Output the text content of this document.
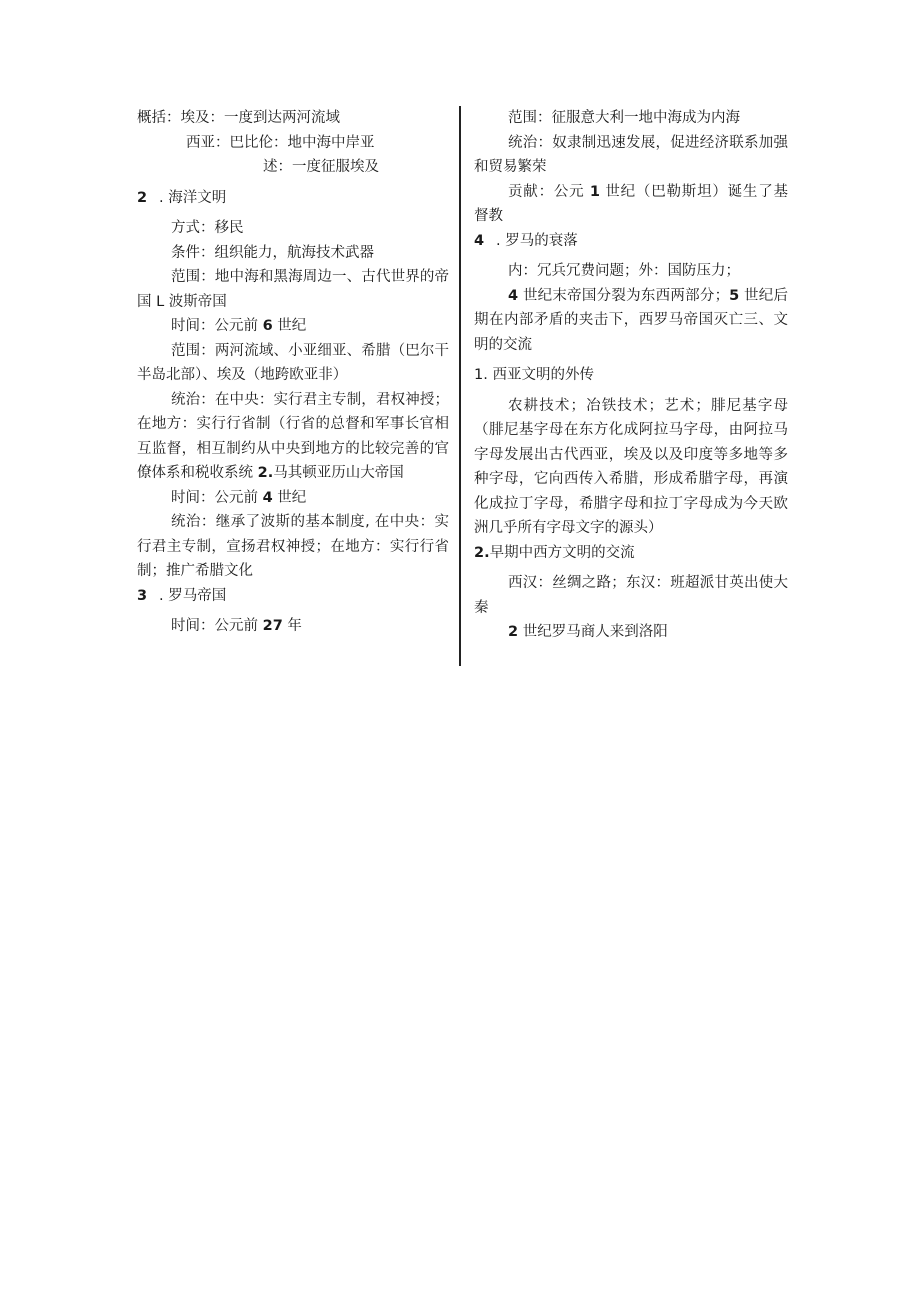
概括：埃及：一度到达两河流域

西亚：巴比伦：地中海中岸亚

述：一度征服埃及

2 . 海洋文明

方式：移民

条件：组织能力，航海技术武器

范围：地中海和黑海周边一、古代世界的帝国 L 波斯帝国

时间：公元前 6 世纪

范围：两河流域、小亚细亚、希腊（巴尔干半岛北部）、埃及（地跨欧亚非）

统治：在中央：实行君主专制，君权神授；在地方：实行行省制（行省的总督和军事长官相互监督，相互制约从中央到地方的比较完善的官僚体系和税收系统 2.马其顿亚历山大帝国

时间：公元前 4 世纪

统治：继承了波斯的基本制度, 在中央：实行君主专制，宣扬君权神授；在地方：实行行省制；推广希腊文化

3 . 罗马帝国

时间：公元前 27 年

范围：征服意大利一地中海成为内海

统治：奴隶制迅速发展，促进经济联系加强和贸易繁荣

贡献：公元 1 世纪（巴勒斯坦）诞生了基督教

4 . 罗马的衰落

内：冗兵冗费问题；外：国防压力；

4 世纪末帝国分裂为东西两部分；5 世纪后期在内部矛盾的夹击下，西罗马帝国灭亡三、文明的交流

1. 西亚文明的外传

农耕技术；冶铁技术；艺术；腓尼基字母（腓尼基字母在东方化成阿拉马字母，由阿拉马字母发展出古代西亚，埃及以及印度等多地等多种字母，它向西传入希腊，形成希腊字母，再演化成拉丁字母，希腊字母和拉丁字母成为今天欧洲几乎所有字母文字的源头）

2.早期中西方文明的交流

西汉：丝绸之路；东汉：班超派甘英出使大秦

2 世纪罗马商人来到洛阳
